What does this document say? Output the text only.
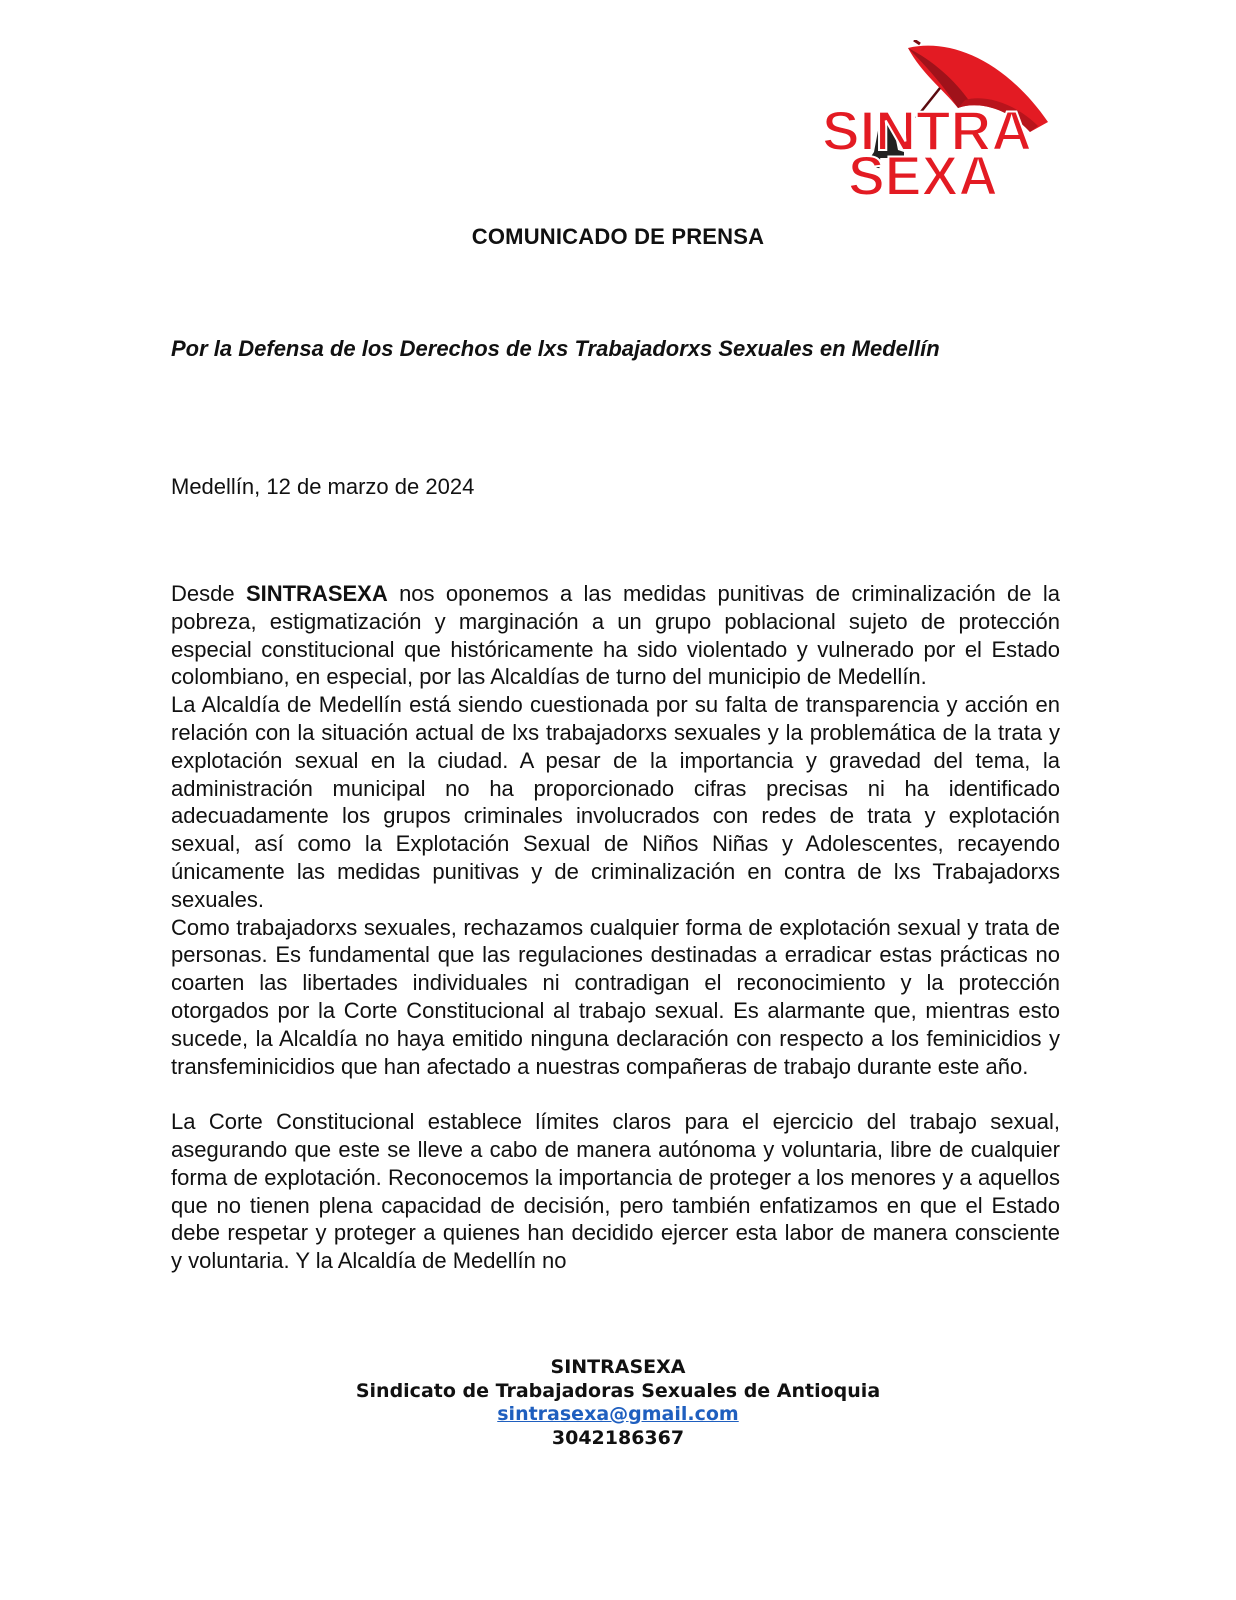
SINTRA
SEXA
COMUNICADO DE PRENSA
Por la Defensa de los Derechos de lxs Trabajadorxs Sexuales en Medellín
Medellín, 12 de marzo de 2024

Desde SINTRASEXA nos oponemos a las medidas punitivas de criminalización de la pobreza, estigmatización y marginación a un grupo poblacional sujeto de protección especial constitucional que históricamente ha sido violentado y vulnerado por el Estado colombiano, en especial, por las Alcaldías de turno del municipio de Medellín.

La Alcaldía de Medellín está siendo cuestionada por su falta de transparencia y acción en relación con la situación actual de lxs trabajadorxs sexuales y la problemática de la trata y explotación sexual en la ciudad. A pesar de la importancia y gravedad del tema, la administración municipal no ha proporcionado cifras precisas ni ha identificado adecuadamente los grupos criminales involucrados con redes de trata y explotación sexual, así como la Explotación Sexual de Niños Niñas y Adolescentes, recayendo únicamente las medidas punitivas y de criminalización en contra de lxs Trabajadorxs sexuales.

Como trabajadorxs sexuales, rechazamos cualquier forma de explotación sexual y trata de personas. Es fundamental que las regulaciones destinadas a erradicar estas prácticas no coarten las libertades individuales ni contradigan el reconocimiento y la protección otorgados por la Corte Constitucional al trabajo sexual. Es alarmante que, mientras esto sucede, la Alcaldía no haya emitido ninguna declaración con respecto a los feminicidios y transfeminicidios que han afectado a nuestras compañeras de trabajo durante este año.

La Corte Constitucional establece límites claros para el ejercicio del trabajo sexual, asegurando que este se lleve a cabo de manera autónoma y voluntaria, libre de cualquier forma de explotación. Reconocemos la importancia de proteger a los menores y a aquellos que no tienen plena capacidad de decisión, pero también enfatizamos en que el Estado debe respetar y proteger a quienes han decidido ejercer esta labor de manera consciente y voluntaria. Y la Alcaldía de Medellín no

SINTRASEXA
Sindicato de Trabajadoras Sexuales de Antioquia
sintrasexa@gmail.com
3042186367
